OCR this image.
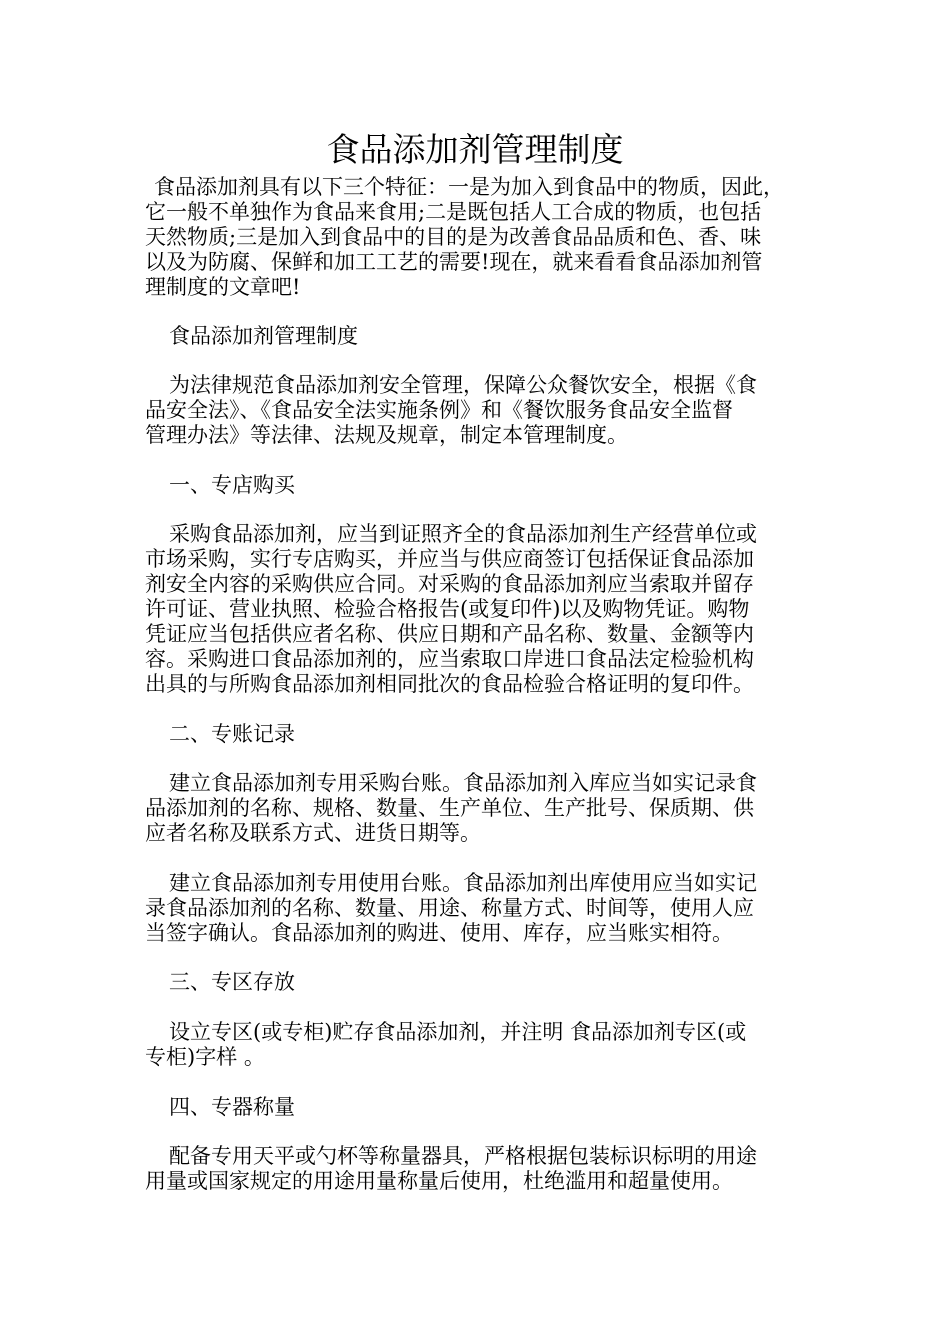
食品添加剂管理制度
食品添加剂具有以下三个特征：一是为加入到食品中的物质，因此，
它一般不单独作为食品来食用;二是既包括人工合成的物质，也包括
天然物质;三是加入到食品中的目的是为改善食品品质和色、香、味
以及为防腐、保鲜和加工工艺的需要!现在，就来看看食品添加剂管
理制度的文章吧!
食品添加剂管理制度
为法律规范食品添加剂安全管理，保障公众餐饮安全，根据《食
品安全法》、《食品安全法实施条例》和《餐饮服务食品安全监督
管理办法》等法律、法规及规章，制定本管理制度。
一、专店购买
采购食品添加剂，应当到证照齐全的食品添加剂生产经营单位或
市场采购，实行专店购买，并应当与供应商签订包括保证食品添加
剂安全内容的采购供应合同。对采购的食品添加剂应当索取并留存
许可证、营业执照、检验合格报告(或复印件)以及购物凭证。购物
凭证应当包括供应者名称、供应日期和产品名称、数量、金额等内
容。采购进口食品添加剂的，应当索取口岸进口食品法定检验机构
出具的与所购食品添加剂相同批次的食品检验合格证明的复印件。
二、专账记录
建立食品添加剂专用采购台账。食品添加剂入库应当如实记录食
品添加剂的名称、规格、数量、生产单位、生产批号、保质期、供
应者名称及联系方式、进货日期等。
建立食品添加剂专用使用台账。食品添加剂出库使用应当如实记
录食品添加剂的名称、数量、用途、称量方式、时间等，使用人应
当签字确认。食品添加剂的购进、使用、库存，应当账实相符。
三、专区存放
设立专区(或专柜)贮存食品添加剂，并注明 食品添加剂专区(或
专柜)字样 。
四、专器称量
配备专用天平或勺杯等称量器具，严格根据包装标识标明的用途
用量或国家规定的用途用量称量后使用，杜绝滥用和超量使用。
